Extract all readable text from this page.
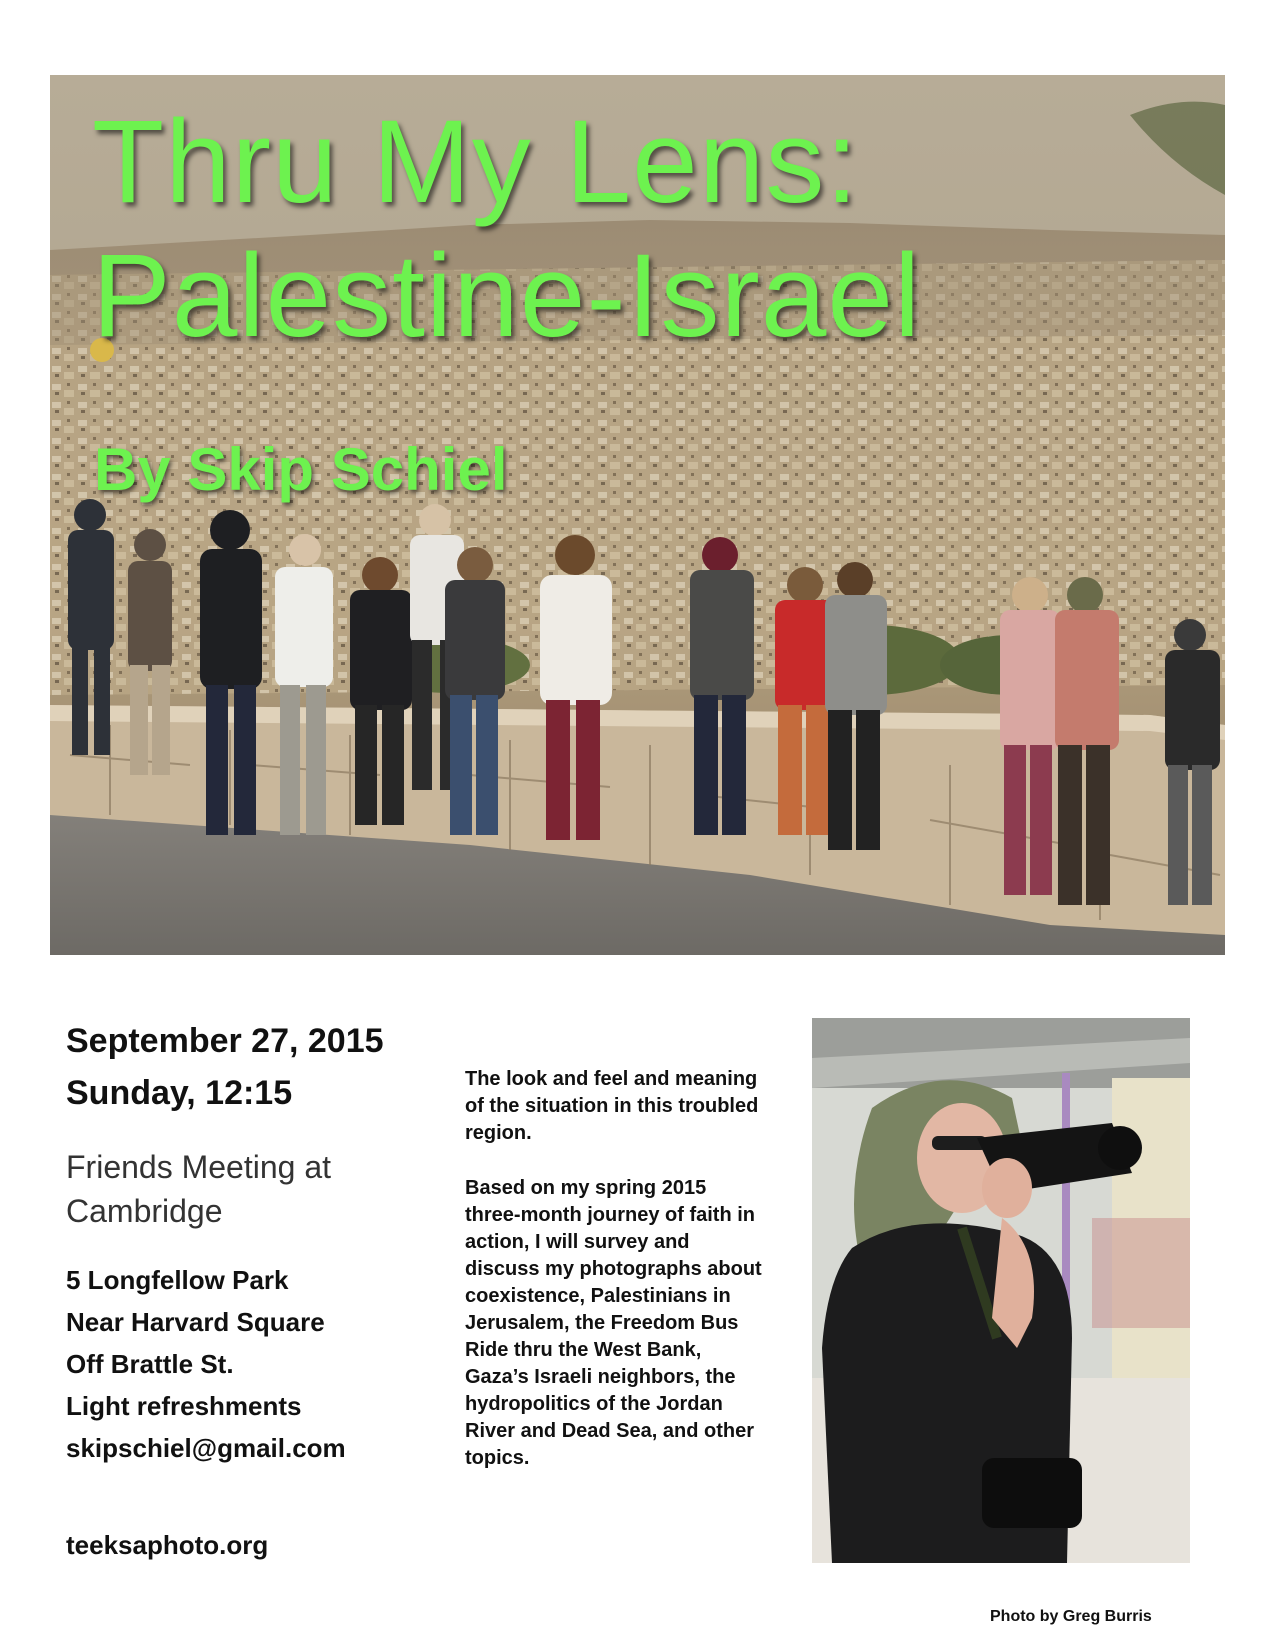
Thru My Lens:
Palestine-Israel
By Skip Schiel
September 27, 2015
Sunday, 12:15
Friends Meeting at
Cambridge
5 Longfellow Park
Near Harvard Square
Off Brattle St.
Light refreshments
skipschiel@gmail.com
teeksaphoto.org

The look and feel and meaning of the situation in this troubled region.

Based on my spring 2015 three-month journey of faith in action, I will survey and discuss my photographs about coexistence, Palestinians in Jerusalem, the Freedom Bus Ride thru the West Bank, Gaza’s Israeli neighbors, the hydropolitics of the Jordan River and Dead Sea, and other topics.

Photo by Greg Burris
